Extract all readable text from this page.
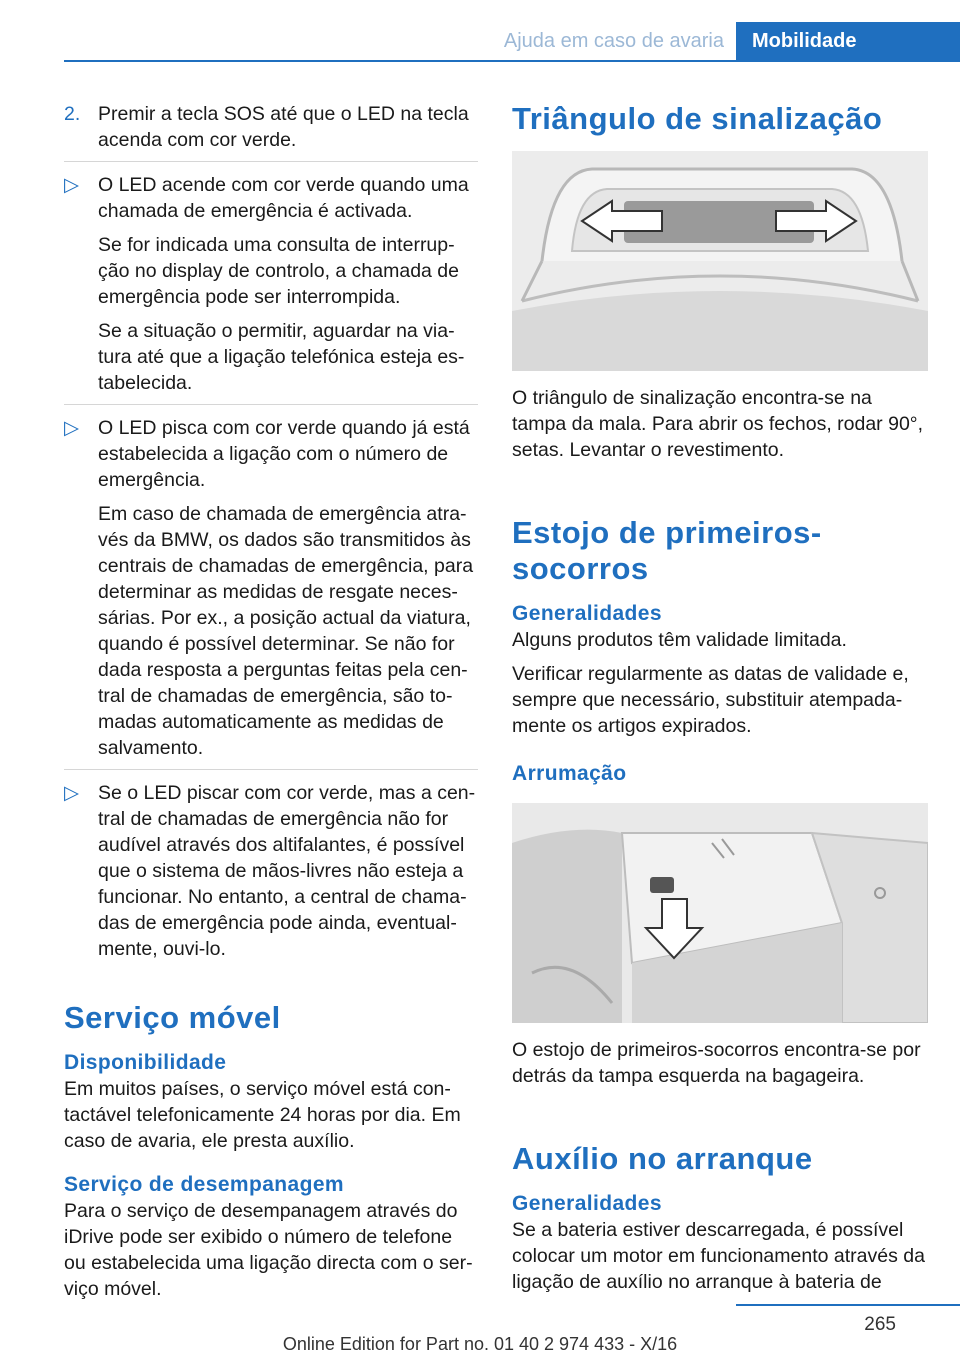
Ajuda em caso de avaria	Mobilidade
2. Premir a tecla SOS até que o LED na tecla acenda com cor verde.

▷ O LED acende com cor verde quando uma chamada de emergência é activada.

Se for indicada uma consulta de interrup‐ção no display de controlo, a chamada de emergência pode ser interrompida.

Se a situação o permitir, aguardar na via‐tura até que a ligação telefónica esteja es‐tabelecida.

▷ O LED pisca com cor verde quando já está estabelecida a ligação com o número de emergência.

Em caso de chamada de emergência atra‐vés da BMW, os dados são transmitidos às centrais de chamadas de emergência, para determinar as medidas de resgate neces‐sárias. Por ex., a posição actual da viatura, quando é possível determinar. Se não for dada resposta a perguntas feitas pela cen‐tral de chamadas de emergência, são to‐madas automaticamente as medidas de salvamento.

▷ Se o LED piscar com cor verde, mas a cen‐tral de chamadas de emergência não for audível através dos altifalantes, é possível que o sistema de mãos-livres não esteja a funcionar. No entanto, a central de chama‐das de emergência pode ainda, eventual‐mente, ouvi-lo.

Serviço móvel
Disponibilidade

Em muitos países, o serviço móvel está con‐tactável telefonicamente 24 horas por dia. Em caso de avaria, ele presta auxílio.

Serviço de desempanagem

Para o serviço de desempanagem através do iDrive pode ser exibido o número de telefone ou estabelecida uma ligação directa com o ser‐viço móvel.

Triângulo de sinalização

O triângulo de sinalização encontra-se na tampa da mala. Para abrir os fechos, rodar 90°, setas. Levantar o revestimento.

Estojo de primeiros-socorros
Generalidades

Alguns produtos têm validade limitada.

Verificar regularmente as datas de validade e, sempre que necessário, substituir atempada‐mente os artigos expirados.

Arrumação

O estojo de primeiros-socorros encontra-se por detrás da tampa esquerda na bagageira.

Auxílio no arranque
Generalidades

Se a bateria estiver descarregada, é possível colocar um motor em funcionamento através da ligação de auxílio no arranque à bateria de

265
Online Edition for Part no. 01 40 2 974 433 - X/16
